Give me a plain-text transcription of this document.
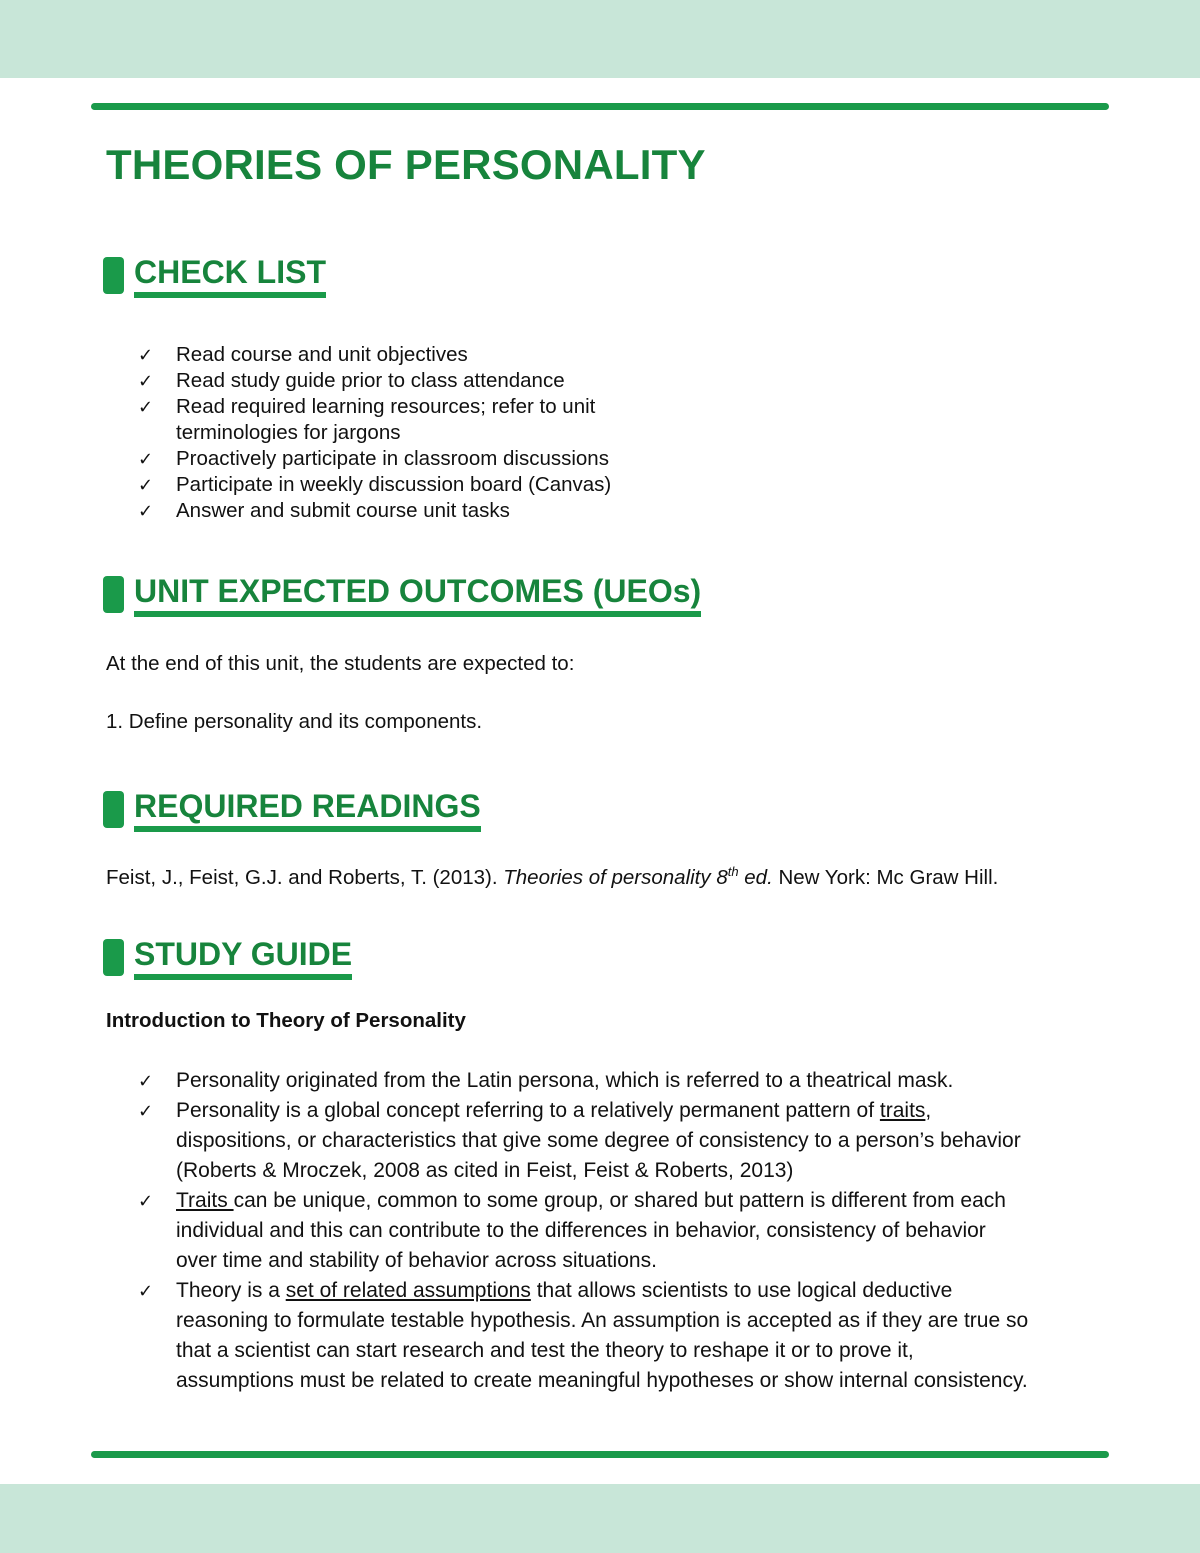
THEORIES OF PERSONALITY
CHECK LIST
✓ Read course and unit objectives
✓ Read study guide prior to class attendance
✓ Read required learning resources; refer to unit
terminologies for jargons
✓ Proactively participate in classroom discussions
✓ Participate in weekly discussion board (Canvas)
✓ Answer and submit course unit tasks
UNIT EXPECTED OUTCOMES (UEOs)

At the end of this unit, the students are expected to:

1. Define personality and its components.

REQUIRED READINGS

Feist, J., Feist, G.J. and Roberts, T. (2013). Theories of personality 8th ed. New York: Mc Graw Hill.

STUDY GUIDE

Introduction to Theory of Personality

✓ Personality originated from the Latin persona, which is referred to a theatrical mask.
✓ Personality is a global concept referring to a relatively permanent pattern of traits,
dispositions, or characteristics that give some degree of consistency to a person’s behavior
(Roberts & Mroczek, 2008 as cited in Feist, Feist & Roberts, 2013)
✓ Traits can be unique, common to some group, or shared but pattern is different from each
individual and this can contribute to the differences in behavior, consistency of behavior
over time and stability of behavior across situations.
✓ Theory is a set of related assumptions that allows scientists to use logical deductive
reasoning to formulate testable hypothesis. An assumption is accepted as if they are true so
that a scientist can start research and test the theory to reshape it or to prove it,
assumptions must be related to create meaningful hypotheses or show internal consistency.
